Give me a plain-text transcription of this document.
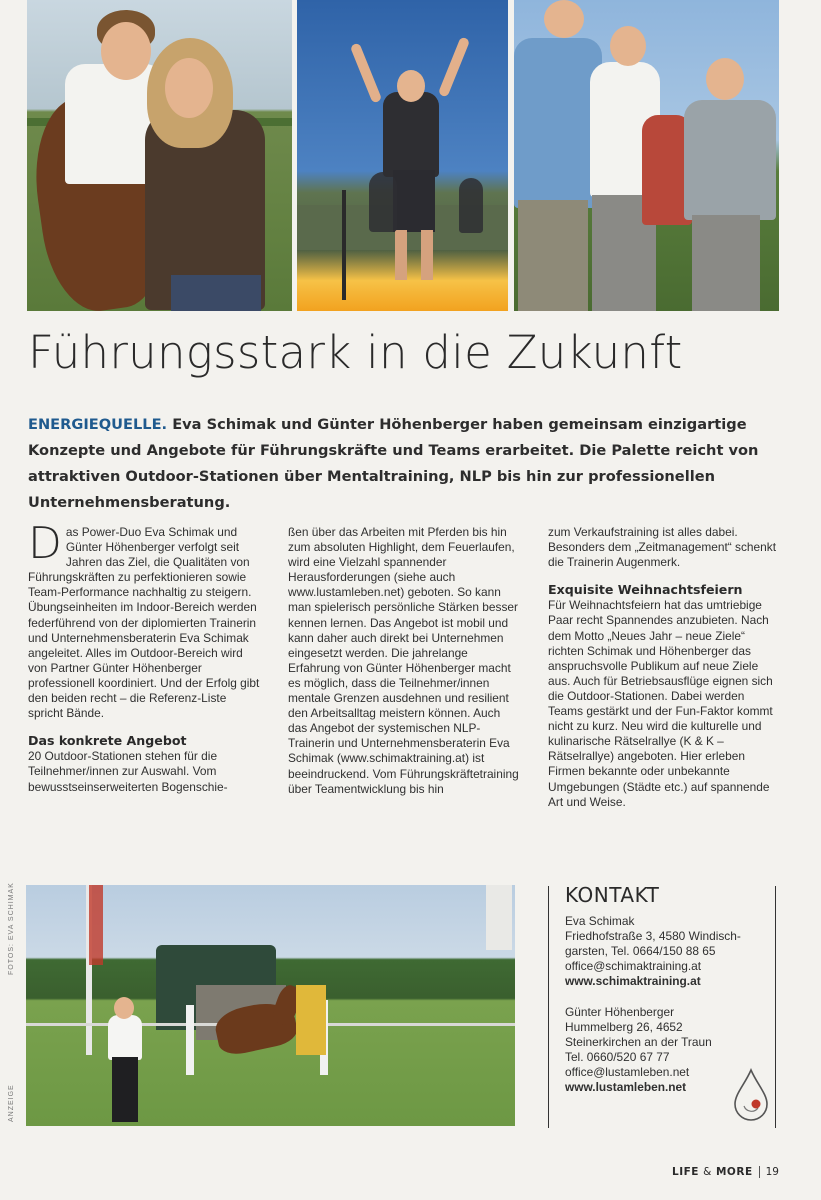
Führungsstark in die Zukunft

ENERGIEQUELLE. Eva Schimak und Günter Höhenberger haben gemeinsam einzigartige Konzepte und Angebote für Führungskräfte und Teams erarbeitet. Die Palette reicht von attraktiven Outdoor-Stationen über Mentaltraining, NLP bis hin zur professionellen Unternehmensberatung.

Das Power-Duo Eva Schimak und Günter Höhenberger verfolgt seit Jahren das Ziel, die Qualitäten von Führungskräften zu perfektionieren sowie Team-Performance nachhaltig zu steigern. Übungseinheiten im Indoor-Bereich werden federführend von der diplomierten Trainerin und Unternehmensberaterin Eva Schimak angeleitet. Alles im Outdoor-Bereich wird von Partner Günter Höhenberger professionell koordiniert. Und der Erfolg gibt den beiden recht – die Referenz-Liste spricht Bände.

Das konkrete Angebot

20 Outdoor-Stationen stehen für die Teilnehmer/innen zur Auswahl. Vom bewusstseinserweiterten Bogenschie-

ßen über das Arbeiten mit Pferden bis hin zum absoluten Highlight, dem Feuerlaufen, wird eine Vielzahl spannender Herausforderungen (siehe auch www.lustamleben.net) geboten. So kann man spielerisch persönliche Stärken besser kennen lernen. Das Angebot ist mobil und kann daher auch direkt bei Unternehmen eingesetzt werden. Die jahrelange Erfahrung von Günter Höhenberger macht es möglich, dass die Teilnehmer/innen mentale Grenzen ausdehnen und resilient den Arbeitsalltag meistern können. Auch das Angebot der systemischen NLP-Trainerin und Unternehmensberaterin Eva Schimak (www.schimaktraining.at) ist beeindruckend. Vom Führungskräftetraining über Teamentwicklung bis hin

zum Verkaufstraining ist alles dabei. Besonders dem „Zeitmanagement“ schenkt die Trainerin Augenmerk.

Exquisite Weihnachtsfeiern

Für Weihnachtsfeiern hat das umtriebige Paar recht Spannendes anzubieten. Nach dem Motto „Neues Jahr – neue Ziele“ richten Schimak und Höhenberger das anspruchsvolle Publikum auf neue Ziele aus. Auch für Betriebsausflüge eignen sich die Outdoor-Stationen. Dabei werden Teams gestärkt und der Fun-Faktor kommt nicht zu kurz. Neu wird die kulturelle und kulinarische Rätselrallye (K & K – Rätselrallye) angeboten. Hier erleben Firmen bekannte oder unbekannte Umgebungen (Städte etc.) auf spannende Art und Weise.

KONTAKT
Eva Schimak
Friedhofstraße 3, 4580 Windisch-
garsten, Tel. 0664/150 88 65
office@schimaktraining.at
www.schimaktraining.at
Günter Höhenberger
Hummelberg 26, 4652
Steinerkirchen an der Traun
Tel. 0660/520 67 77
office@lustamleben.net
www.lustamleben.net
FOTOS: EVA SCHIMAK
ANZEIGE
LIFE & MORE 19
